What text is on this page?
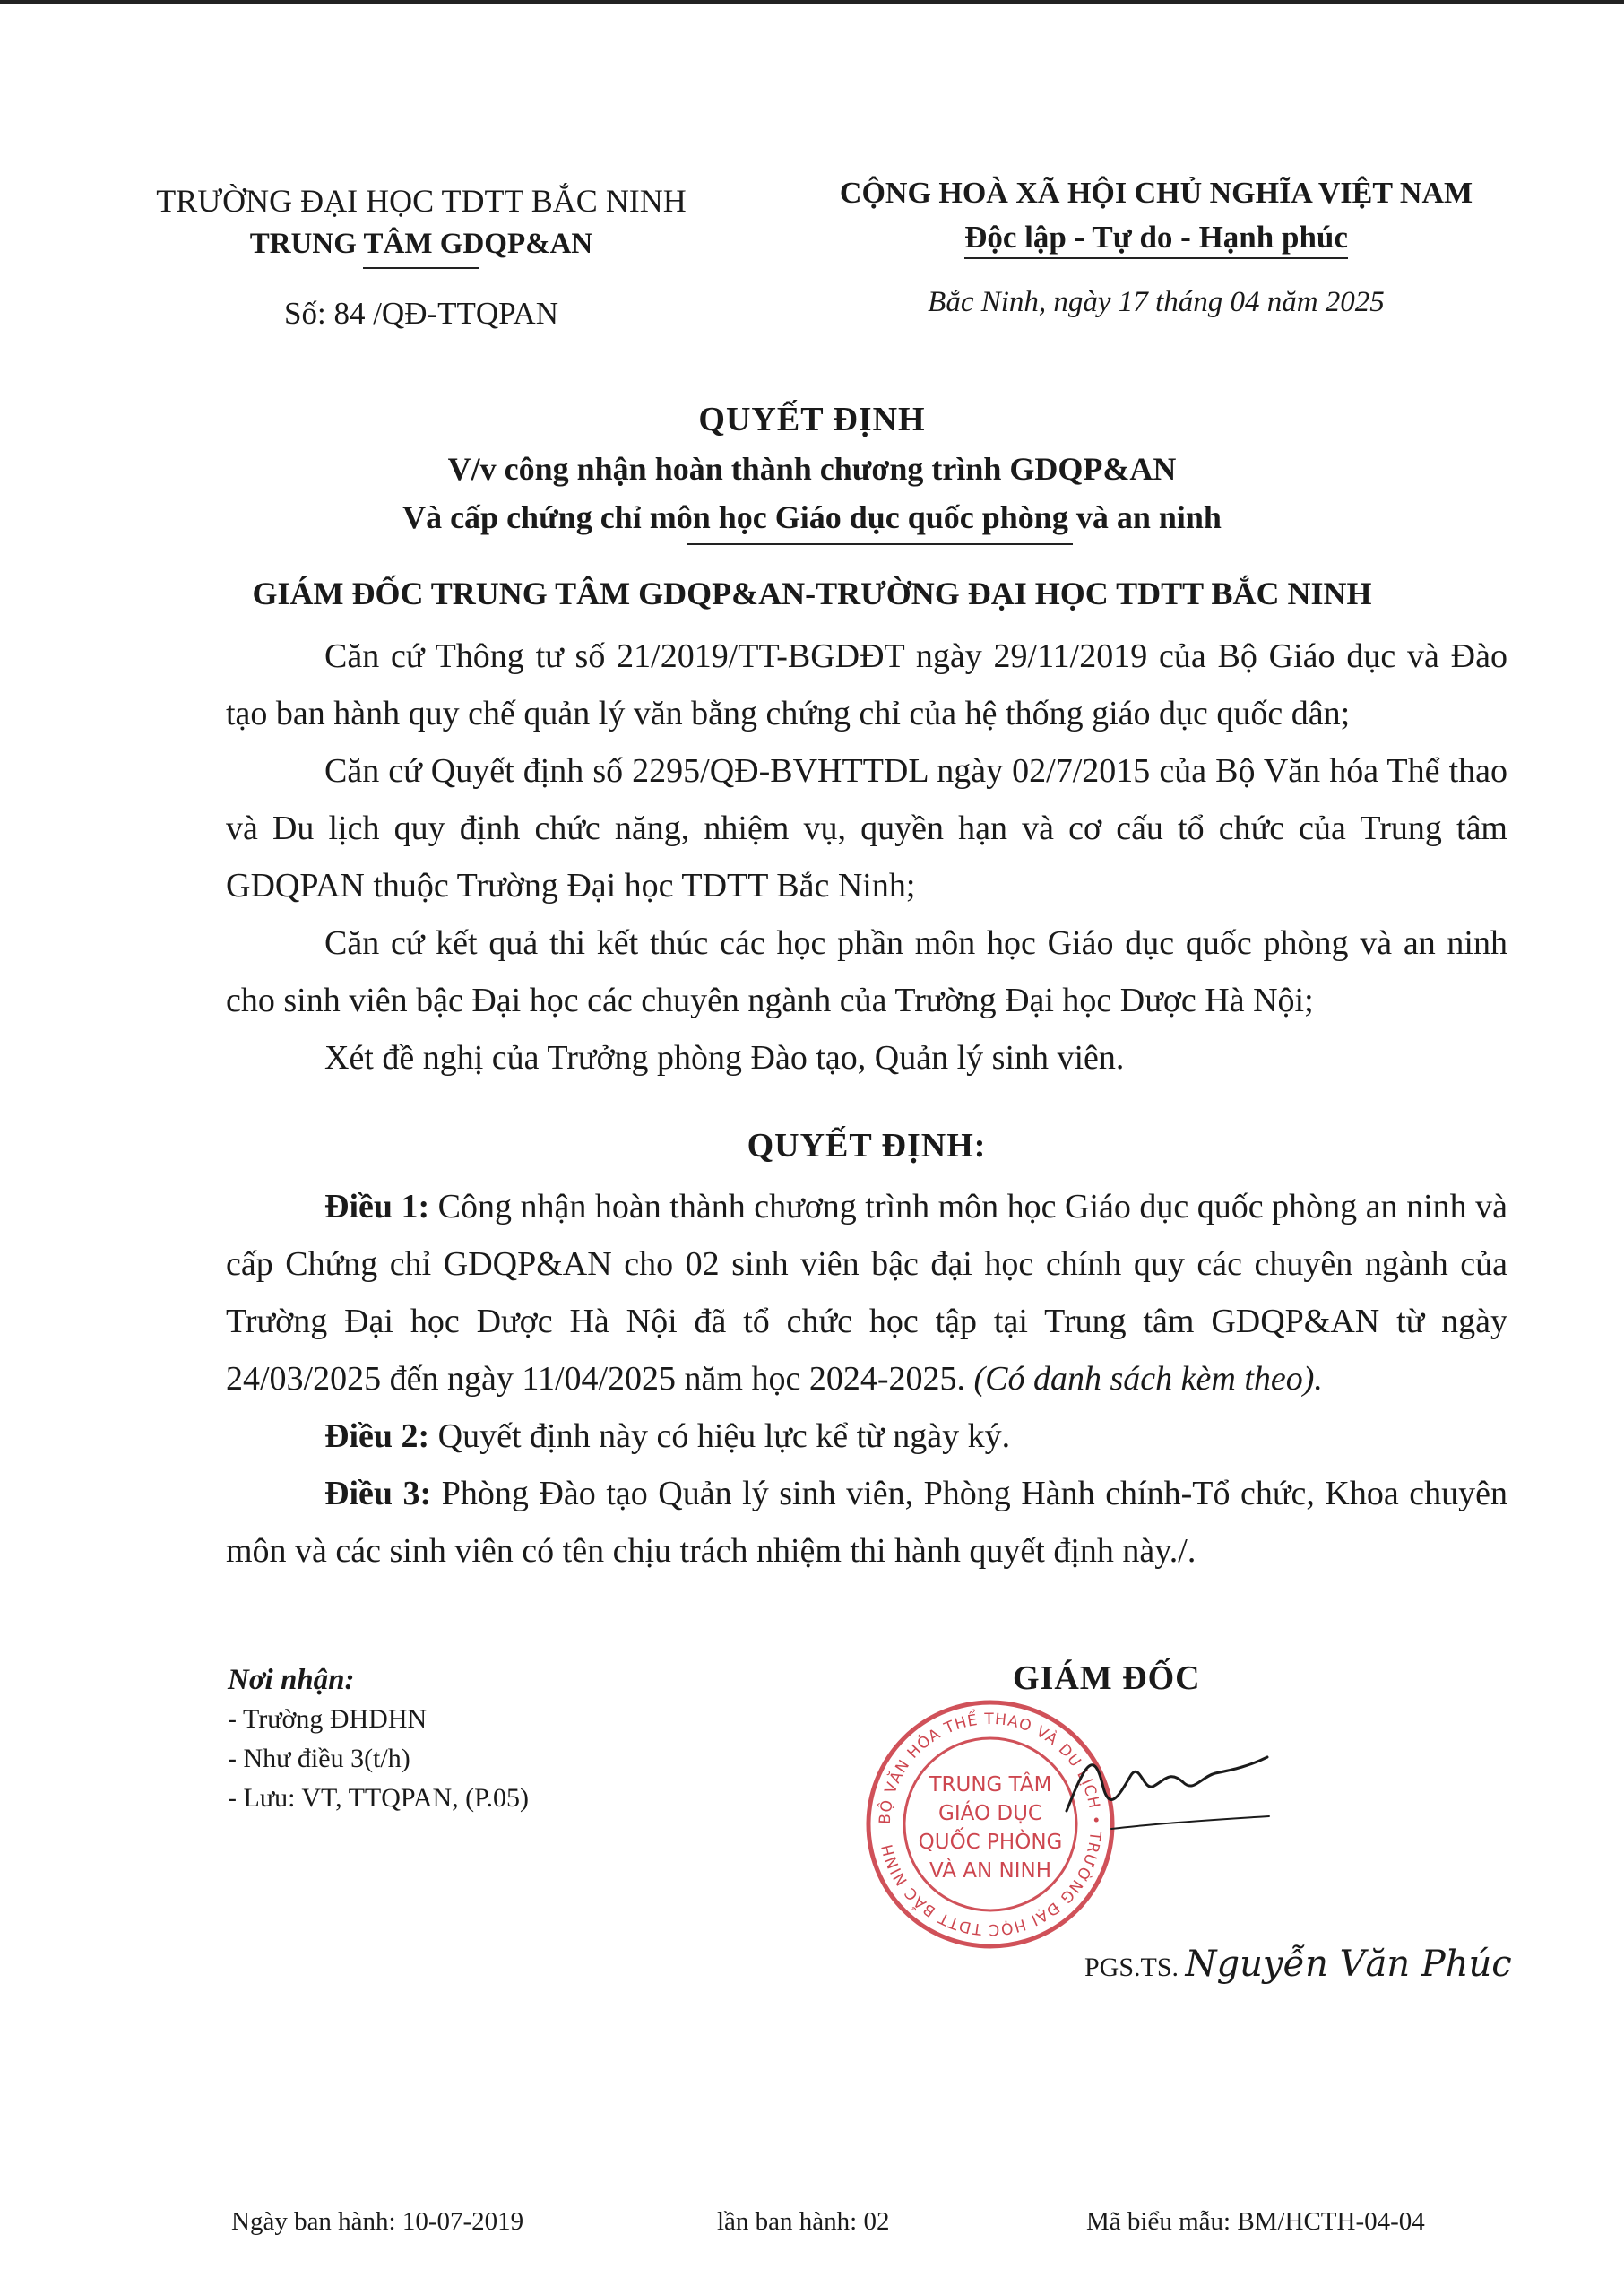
TRƯỜNG ĐẠI HỌC TDTT BẮC NINH
TRUNG TÂM GDQP&AN
Số: 84 /QĐ-TTQPAN
CỘNG HOÀ XÃ HỘI CHỦ NGHĨA VIỆT NAM
Độc lập - Tự do - Hạnh phúc
Bắc Ninh, ngày 17 tháng 04 năm 2025
QUYẾT ĐỊNH
V/v công nhận hoàn thành chương trình GDQP&AN
Và cấp chứng chỉ môn học Giáo dục quốc phòng và an ninh
GIÁM ĐỐC TRUNG TÂM GDQP&AN-TRƯỜNG ĐẠI HỌC TDTT BẮC NINH

Căn cứ Thông tư số 21/2019/TT-BGDĐT ngày 29/11/2019 của Bộ Giáo dục và Đào tạo ban hành quy chế quản lý văn bằng chứng chỉ của hệ thống giáo dục quốc dân;

Căn cứ Quyết định số 2295/QĐ-BVHTTDL ngày 02/7/2015 của Bộ Văn hóa Thể thao và Du lịch quy định chức năng, nhiệm vụ, quyền hạn và cơ cấu tổ chức của Trung tâm GDQPAN thuộc Trường Đại học TDTT Bắc Ninh;

Căn cứ kết quả thi kết thúc các học phần môn học Giáo dục quốc phòng và an ninh cho sinh viên bậc Đại học các chuyên ngành của Trường Đại học Dược Hà Nội;

Xét đề nghị của Trưởng phòng Đào tạo, Quản lý sinh viên.

QUYẾT ĐỊNH:

Điều 1: Công nhận hoàn thành chương trình môn học Giáo dục quốc phòng an ninh và cấp Chứng chỉ GDQP&AN cho 02 sinh viên bậc đại học chính quy các chuyên ngành của Trường Đại học Dược Hà Nội đã tổ chức học tập tại Trung tâm GDQP&AN từ ngày 24/03/2025 đến ngày 11/04/2025 năm học 2024-2025. (Có danh sách kèm theo).

Điều 2: Quyết định này có hiệu lực kể từ ngày ký.

Điều 3: Phòng Đào tạo Quản lý sinh viên, Phòng Hành chính-Tổ chức, Khoa chuyên môn và các sinh viên có tên chịu trách nhiệm thi hành quyết định này./.

Nơi nhận:
- Trường ĐHDHN
- Như điều 3(t/h)
- Lưu: VT, TTQPAN, (P.05)
GIÁM ĐỐC
BỘ VĂN HÓA THỂ THAO VÀ DU LỊCH • TRƯỜNG ĐẠI HỌC TDTT BẮC NINH
TRUNG TÂM
GIÁO DỤC
QUỐC PHÒNG
VÀ AN NINH
PGS.TS. Nguyễn Văn Phúc
Ngày ban hành: 10-07-2019	lần ban hành: 02	Mã biểu mẫu: BM/HCTH-04-04
